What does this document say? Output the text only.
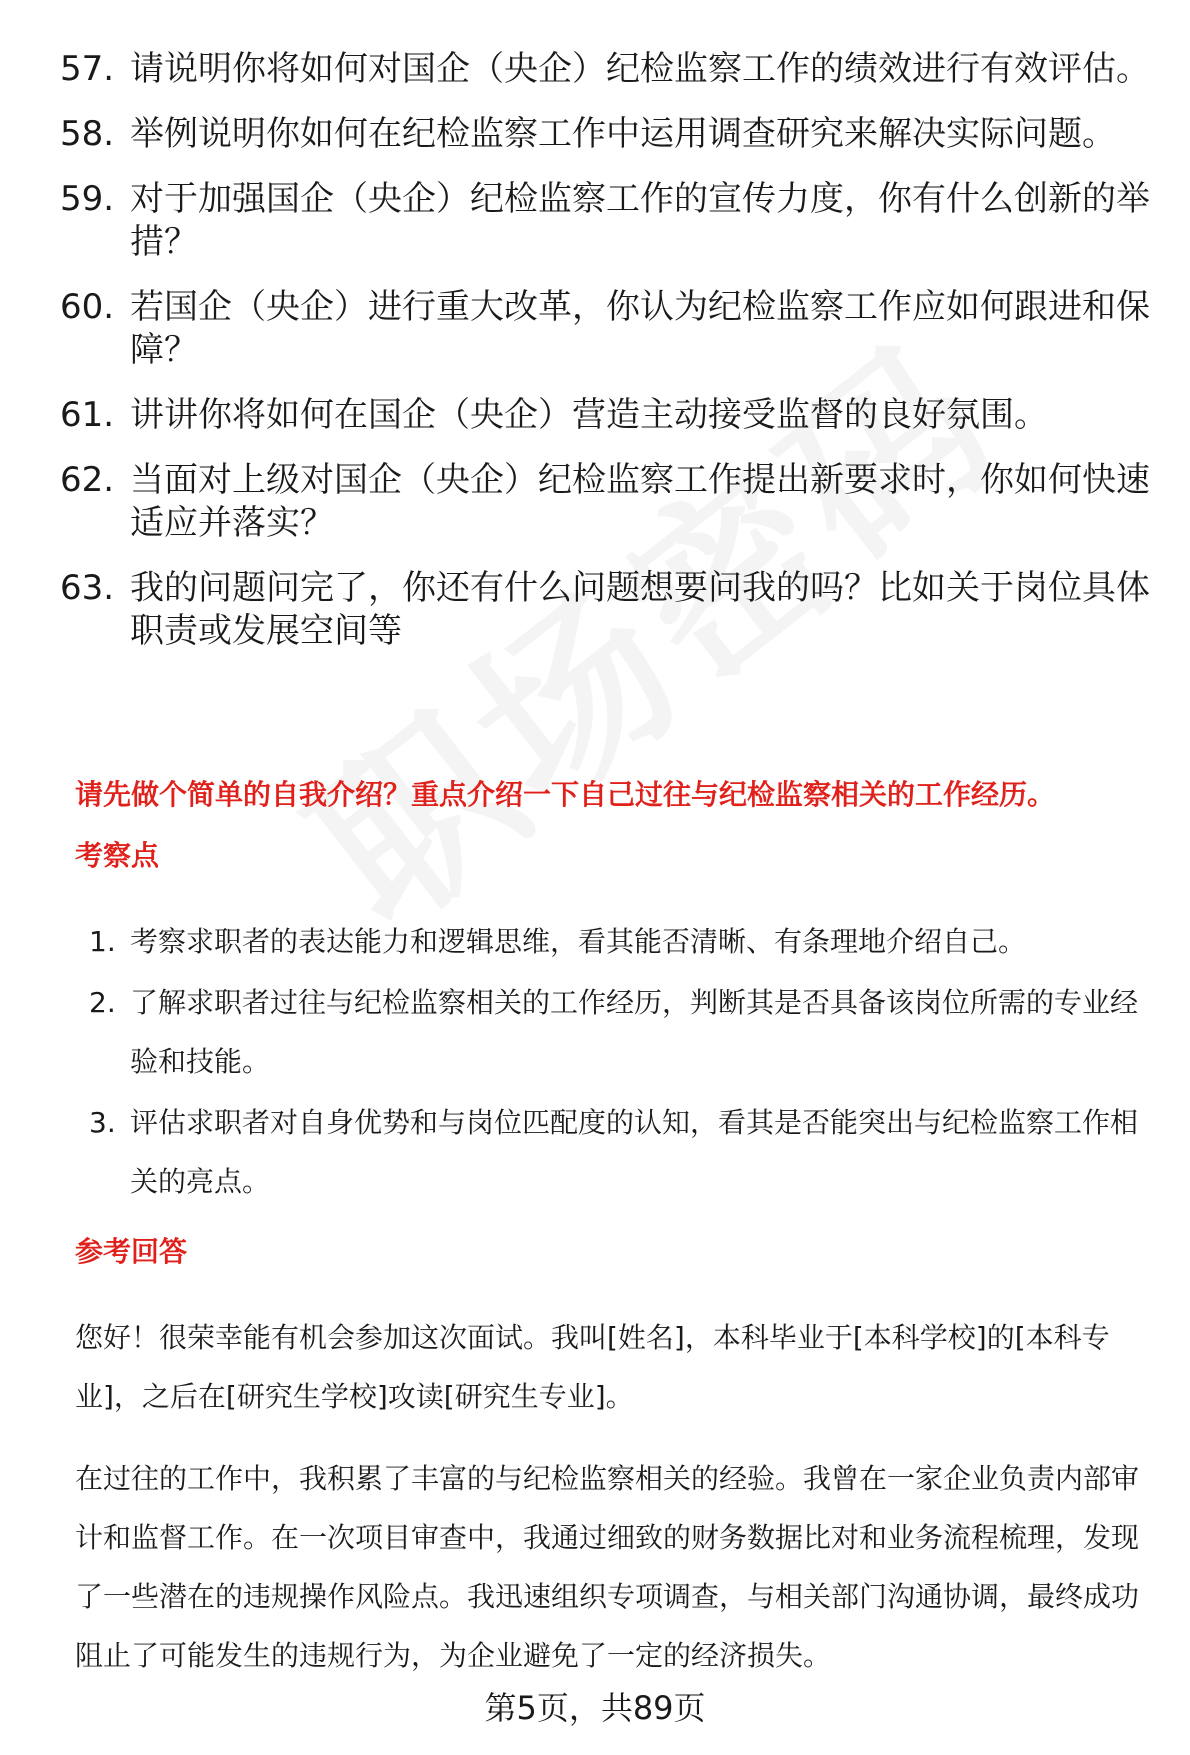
57. 请说明你将如何对国企（央企）纪检监察工作的绩效进行有效评估。
58. 举例说明你如何在纪检监察工作中运用调查研究来解决实际问题。
59. 对于加强国企（央企）纪检监察工作的宣传力度，你有什么创新的举措？
60. 若国企（央企）进行重大改革，你认为纪检监察工作应如何跟进和保障？
61. 讲讲你将如何在国企（央企）营造主动接受监督的良好氛围。
62. 当面对上级对国企（央企）纪检监察工作提出新要求时，你如何快速适应并落实？
63. 我的问题问完了，你还有什么问题想要问我的吗？比如关于岗位具体职责或发展空间等
请先做个简单的自我介绍？重点介绍一下自己过往与纪检监察相关的工作经历。
考察点
1. 考察求职者的表达能力和逻辑思维，看其能否清晰、有条理地介绍自己。
2. 了解求职者过往与纪检监察相关的工作经历，判断其是否具备该岗位所需的专业经验和技能。
3. 评估求职者对自身优势和与岗位匹配度的认知，看其是否能突出与纪检监察工作相关的亮点。
参考回答
您好！很荣幸能有机会参加这次面试。我叫[姓名]，本科毕业于[本科学校]的[本科专业]，之后在[研究生学校]攻读[研究生专业]。
在过往的工作中，我积累了丰富的与纪检监察相关的经验。我曾在一家企业负责内部审计和监督工作。在一次项目审查中，我通过细致的财务数据比对和业务流程梳理，发现了一些潜在的违规操作风险点。我迅速组织专项调查，与相关部门沟通协调，最终成功阻止了可能发生的违规行为，为企业避免了一定的经济损失。
第5页，共89页
